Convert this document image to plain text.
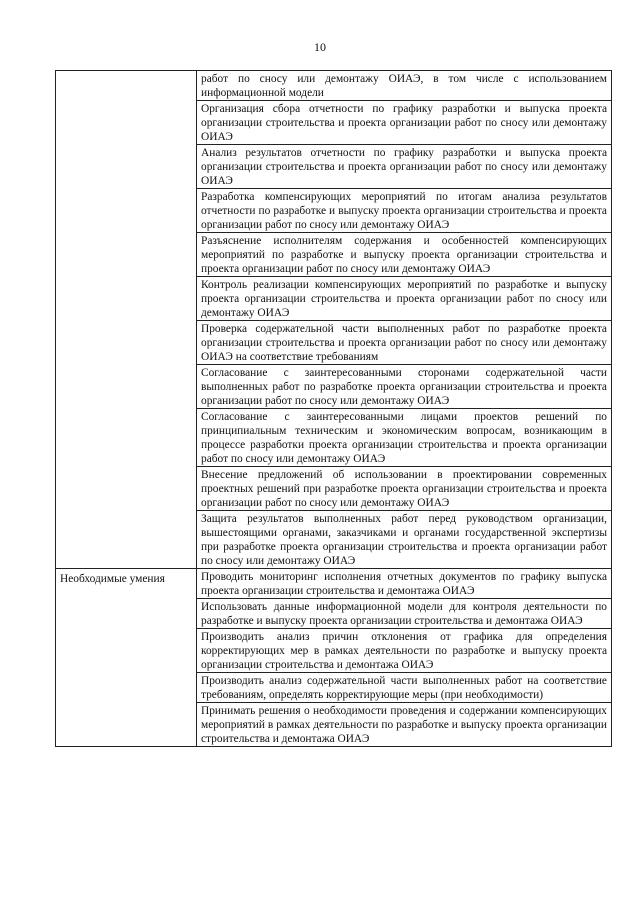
10

	работ по сносу или демонтажу ОИАЭ, в том числе с использованием информационной модели

	Организация сбора отчетности по графику разработки и выпуска проекта организации строительства и проекта организации работ по сносу или демонтажу ОИАЭ

	Анализ результатов отчетности по графику разработки и выпуска проекта организации строительства и проекта организации работ по сносу или демонтажу ОИАЭ

	Разработка компенсирующих мероприятий по итогам анализа результатов отчетности по разработке и выпуску проекта организации строительства и проекта организации работ по сносу или демонтажу ОИАЭ

	Разъяснение исполнителям содержания и особенностей компенсирующих мероприятий по разработке и выпуску проекта организации строительства и проекта организации работ по сносу или демонтажу ОИАЭ

	Контроль реализации компенсирующих мероприятий по разработке и выпуску проекта организации строительства и проекта организации работ по сносу или демонтажу ОИАЭ

	Проверка содержательной части выполненных работ по разработке проекта организации строительства и проекта организации работ по сносу или демонтажу ОИАЭ на соответствие требованиям

	Согласование с заинтересованными сторонами содержательной части выполненных работ по разработке проекта организации строительства и проекта организации работ по сносу или демонтажу ОИАЭ

	Согласование с заинтересованными лицами проектов решений по принципиальным техническим и экономическим вопросам, возникающим в процессе разработки проекта организации строительства и проекта организации работ по сносу или демонтажу ОИАЭ

	Внесение предложений об использовании в проектировании современных проектных решений при разработке проекта организации строительства и проекта организации работ по сносу или демонтажу ОИАЭ

	Защита результатов выполненных работ перед руководством организации, вышестоящими органами, заказчиками и органами государственной экспертизы при разработке проекта организации строительства и проекта организации работ по сносу или демонтажу ОИАЭ

Необходимые умения	Проводить мониторинг исполнения отчетных документов по графику выпуска проекта организации строительства и демонтажа ОИАЭ

	Использовать данные информационной модели для контроля деятельности по разработке и выпуску проекта организации строительства и демонтажа ОИАЭ

	Производить анализ причин отклонения от графика для определения корректирующих мер в рамках деятельности по разработке и выпуску проекта организации строительства и демонтажа ОИАЭ

	Производить анализ содержательной части выполненных работ на соответствие требованиям, определять корректирующие меры (при необходимости)

	Принимать решения о необходимости проведения и содержании компенсирующих мероприятий в рамках деятельности по разработке и выпуску проекта организации строительства и демонтажа ОИАЭ
